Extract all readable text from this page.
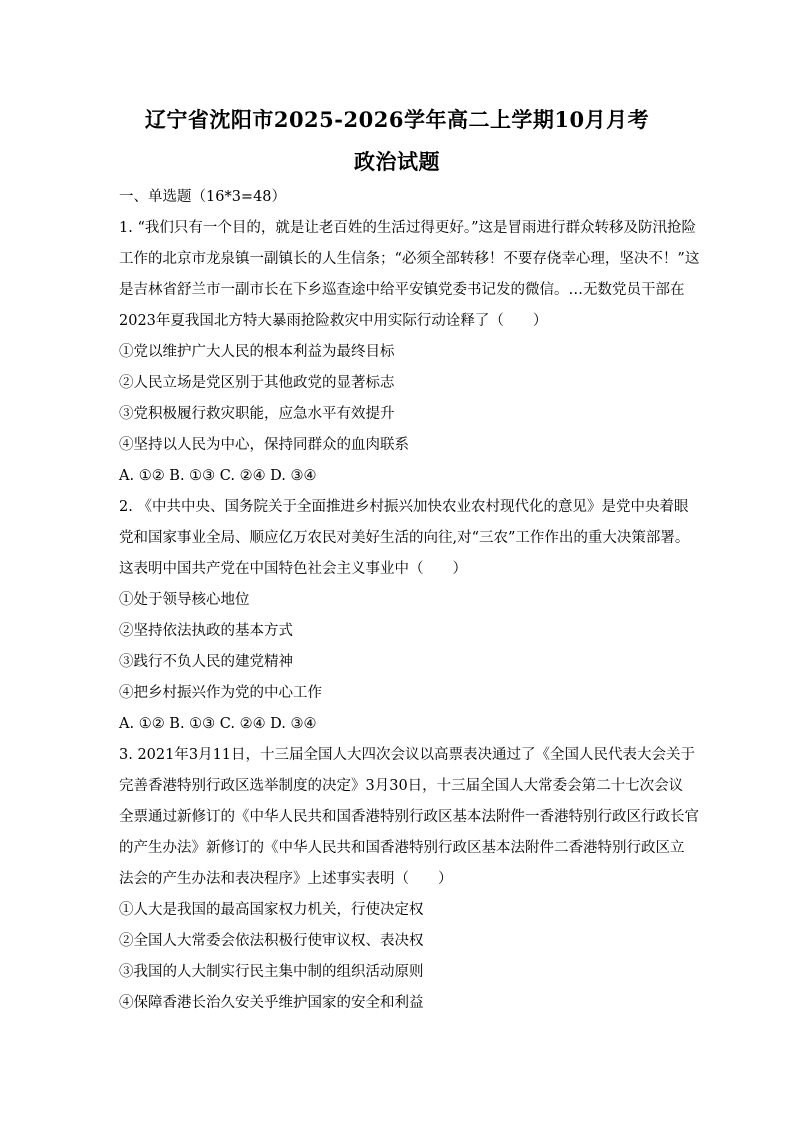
辽宁省沈阳市2025-2026学年高二上学期10月月考
政治试题
一、单选题（16*3=48）
1. “我们只有一个目的，就是让老百姓的生活过得更好。”这是冒雨进行群众转移及防汛抢险
工作的北京市龙泉镇一副镇长的人生信条；“必须全部转移！不要存侥幸心理，坚决不！”这
是吉林省舒兰市一副市长在下乡巡查途中给平安镇党委书记发的微信。…无数党员干部在
2023年夏我国北方特大暴雨抢险救灾中用实际行动诠释了（　　）
①党以维护广大人民的根本利益为最终目标
②人民立场是党区别于其他政党的显著标志
③党积极履行救灾职能，应急水平有效提升
④坚持以人民为中心，保持同群众的血肉联系
A. ①② B. ①③ C. ②④ D. ③④
2. 《中共中央、国务院关于全面推进乡村振兴加快农业农村现代化的意见》是党中央着眼
党和国家事业全局、顺应亿万农民对美好生活的向往,对“三农”工作作出的重大决策部署。
这表明中国共产党在中国特色社会主义事业中（　　）
①处于领导核心地位
②坚持依法执政的基本方式
③践行不负人民的建党精神
④把乡村振兴作为党的中心工作
A. ①② B. ①③ C. ②④ D. ③④
3. 2021年3月11日，十三届全国人大四次会议以高票表决通过了《全国人民代表大会关于
完善香港特别行政区选举制度的决定》3月30日，十三届全国人大常委会第二十七次会议
全票通过新修订的《中华人民共和国香港特别行政区基本法附件一香港特别行政区行政长官
的产生办法》新修订的《中华人民共和国香港特别行政区基本法附件二香港特别行政区立
法会的产生办法和表决程序》上述事实表明（　　）
①人大是我国的最高国家权力机关，行使决定权
②全国人大常委会依法积极行使审议权、表决权
③我国的人大制实行民主集中制的组织活动原则
④保障香港长治久安关乎维护国家的安全和利益
